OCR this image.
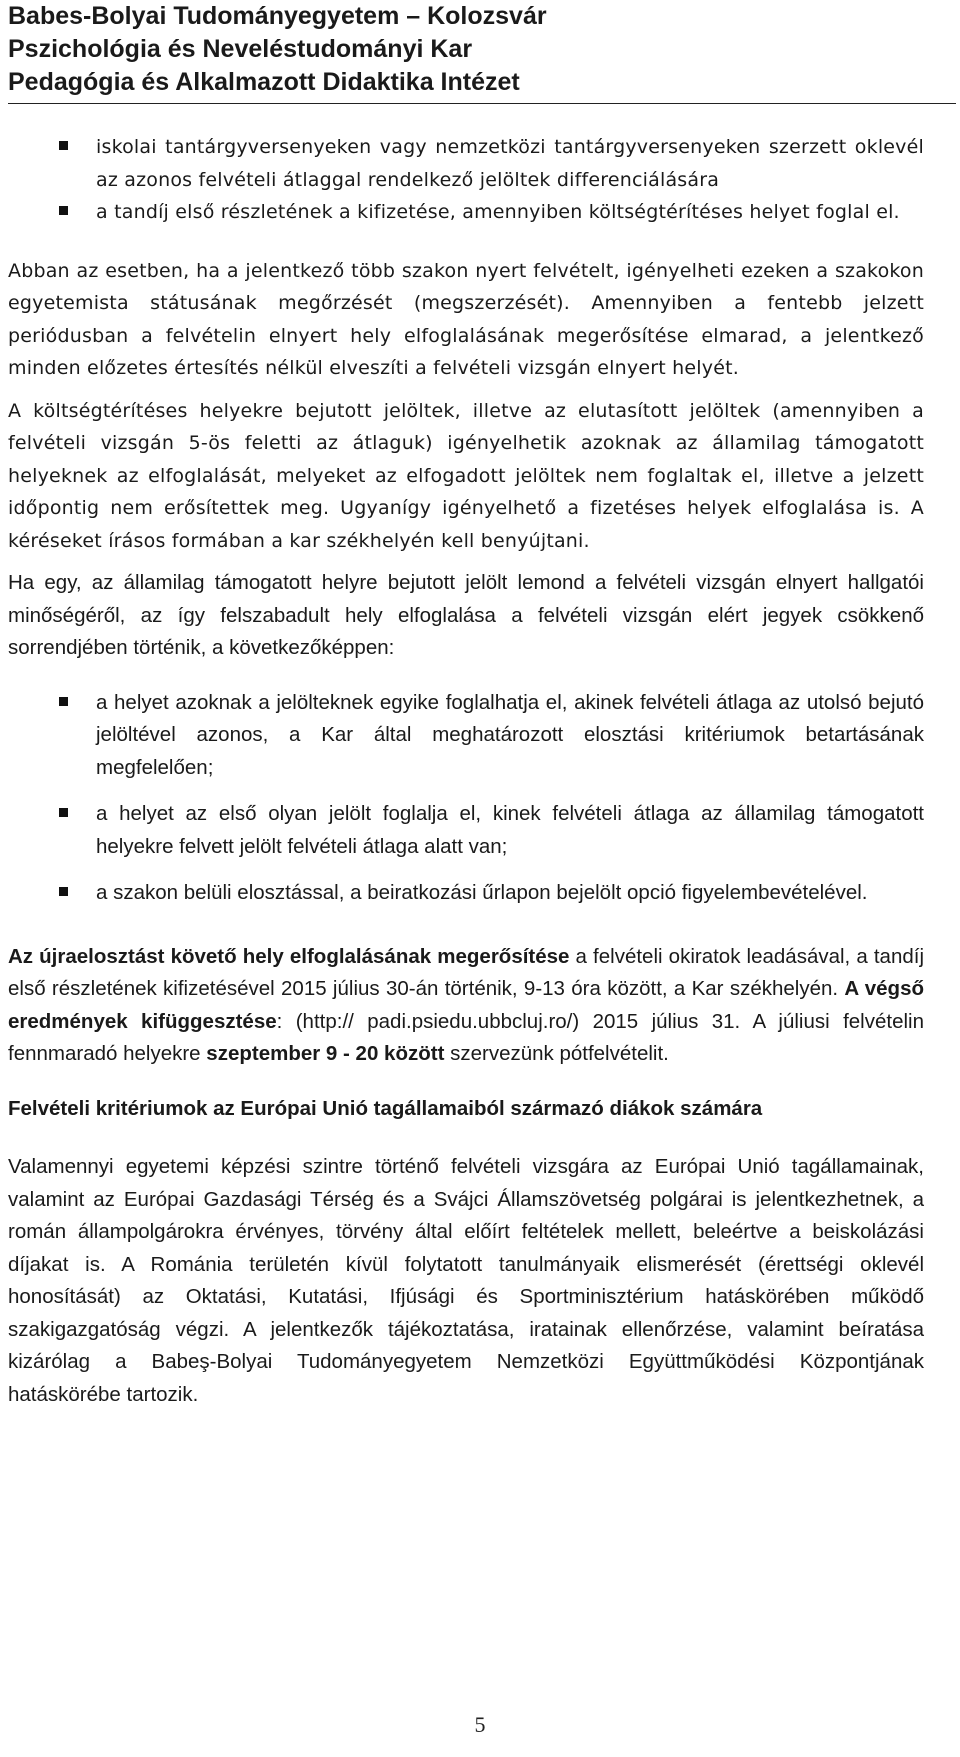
Babes-Bolyai Tudományegyetem – Kolozsvár
Pszichológia és Neveléstudományi Kar
Pedagógia és Alkalmazott Didaktika Intézet
iskolai tantárgyversenyeken vagy nemzetközi tantárgyversenyeken szerzett oklevél az azonos felvételi átlaggal rendelkező jelöltek differenciálására
a tandíj első részletének a kifizetése, amennyiben költségtérítéses helyet foglal el.

Abban az esetben, ha a jelentkező több szakon nyert felvételt, igényelheti ezeken a szakokon egyetemista státusának megőrzését (megszerzését). Amennyiben a fentebb jelzett periódusban a felvételin elnyert hely elfoglalásának megerősítése elmarad, a jelentkező minden előzetes értesítés nélkül elveszíti a felvételi vizsgán elnyert helyét.

A költségtérítéses helyekre bejutott jelöltek, illetve az elutasított jelöltek (amennyiben a felvételi vizsgán 5-ös feletti az átlaguk) igényelhetik azoknak az államilag támogatott helyeknek az elfoglalását, melyeket az elfogadott jelöltek nem foglaltak el, illetve a jelzett időpontig nem erősítettek meg. Ugyanígy igényelhető a fizetéses helyek elfoglalása is. A kéréseket írásos formában a kar székhelyén kell benyújtani.

Ha egy, az államilag támogatott helyre bejutott jelölt lemond a felvételi vizsgán elnyert hallgatói minőségéről, az így felszabadult hely elfoglalása a felvételi vizsgán elért jegyek csökkenő sorrendjében történik, a következőképpen:

a helyet azoknak a jelölteknek egyike foglalhatja el, akinek felvételi átlaga az utolsó bejutó jelöltével azonos, a Kar által meghatározott elosztási kritériumok betartásának megfelelően;
a helyet az első olyan jelölt foglalja el, kinek felvételi átlaga az államilag támogatott helyekre felvett jelölt felvételi átlaga alatt van;
a szakon belüli elosztással, a beiratkozási űrlapon bejelölt opció figyelembevételével.

Az újraelosztást követő hely elfoglalásának megerősítése a felvételi okiratok leadásával, a tandíj első részletének kifizetésével 2015 július 30-án történik, 9-13 óra között, a Kar székhelyén. A végső eredmények kifüggesztése: (http:// padi.psiedu.ubbcluj.ro/) 2015 július 31. A júliusi felvételin fennmaradó helyekre szeptember 9 - 20 között szervezünk pótfelvételit.

Felvételi kritériumok az Európai Unió tagállamaiból származó diákok számára

Valamennyi egyetemi képzési szintre történő felvételi vizsgára az Európai Unió tagállamainak, valamint az Európai Gazdasági Térség és a Svájci Államszövetség polgárai is jelentkezhetnek, a román állampolgárokra érvényes, törvény által előírt feltételek mellett, beleértve a beiskolázási díjakat is. A Románia területén kívül folytatott tanulmányaik elismerését (érettségi oklevél honosítását) az Oktatási, Kutatási, Ifjúsági és Sportminisztérium hatáskörében működő szakigazgatóság végzi. A jelentkezők tájékoztatása, iratainak ellenőrzése, valamint beíratása kizárólag a Babeş-Bolyai Tudományegyetem Nemzetközi Együttműködési Központjának hatáskörébe tartozik.

5
